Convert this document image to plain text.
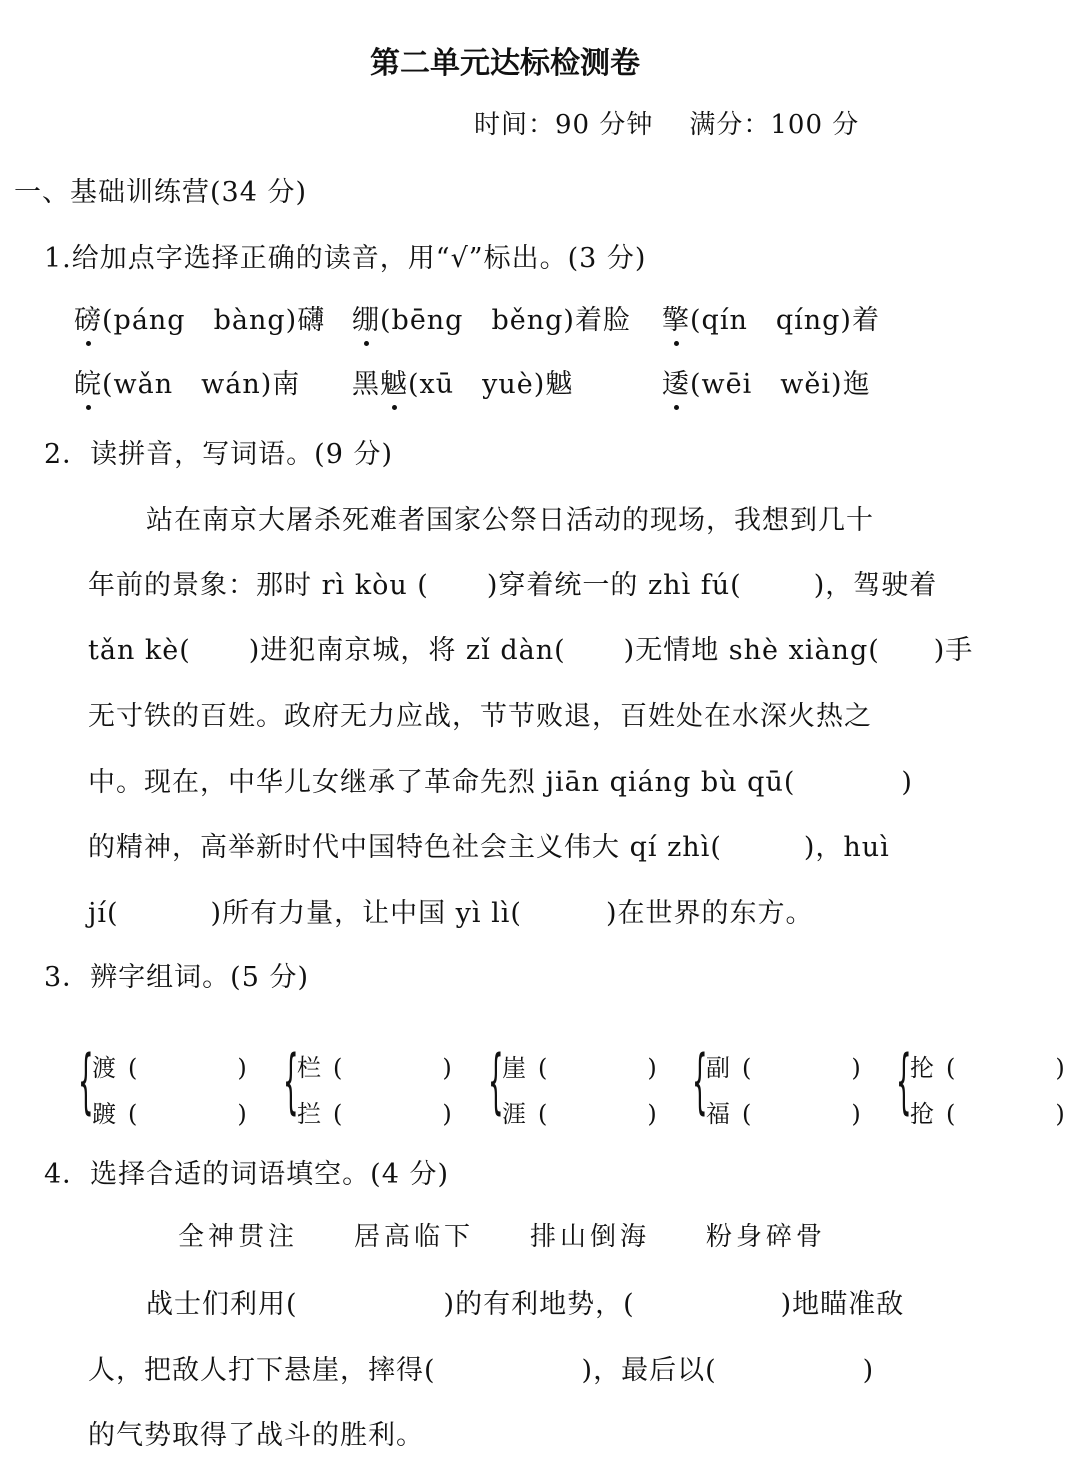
第二单元达标检测卷
时间：90 分钟 满分：100 分
一、基础训练营(34 分)
1.给加点字选择正确的读音，用“√”标出。(3 分)
磅(páng　bàng)礴 绷(bēng　běng)着脸 擎(qín　qíng)着
皖(wǎn　wán)南 黑魆(xū　yuè)魆	逶(wēi　wěi)迤
2．读拼音，写词语。(9 分)
站在南京大屠杀死难者国家公祭日活动的现场，我想到几十
年前的景象：那时 rì kòu ( )穿着统一的 zhì fú(	)，驾驶着
tǎn kè( )进犯南京城，将 zǐ dàn( )无情地 shè xiàng( )手
无寸铁的百姓。政府无力应战，节节败退，百姓处在水深火热之
中。现在，中华儿女继承了革命先烈 jiān qiáng bù qū(	)
的精神，高举新时代中国特色社会主义伟大 qí zhì(	)，huì
jí(	)所有力量，让中国 yì lì(	)在世界的东方。
3．辨字组词。(5 分)
{
渡 (	)
踱 (	) {
栏 (	)
拦 (	) {
崖 (	)
涯 (	) {
副 (	)
福 (	) {
抡 (	)
抢 (	)
4．选择合适的词语填空。(4 分)
全神贯注 居高临下 排山倒海 粉身碎骨
战士们利用(	)的有利地势，(	)地瞄准敌
人，把敌人打下悬崖，摔得(	)，最后以(	)
的气势取得了战斗的胜利。
